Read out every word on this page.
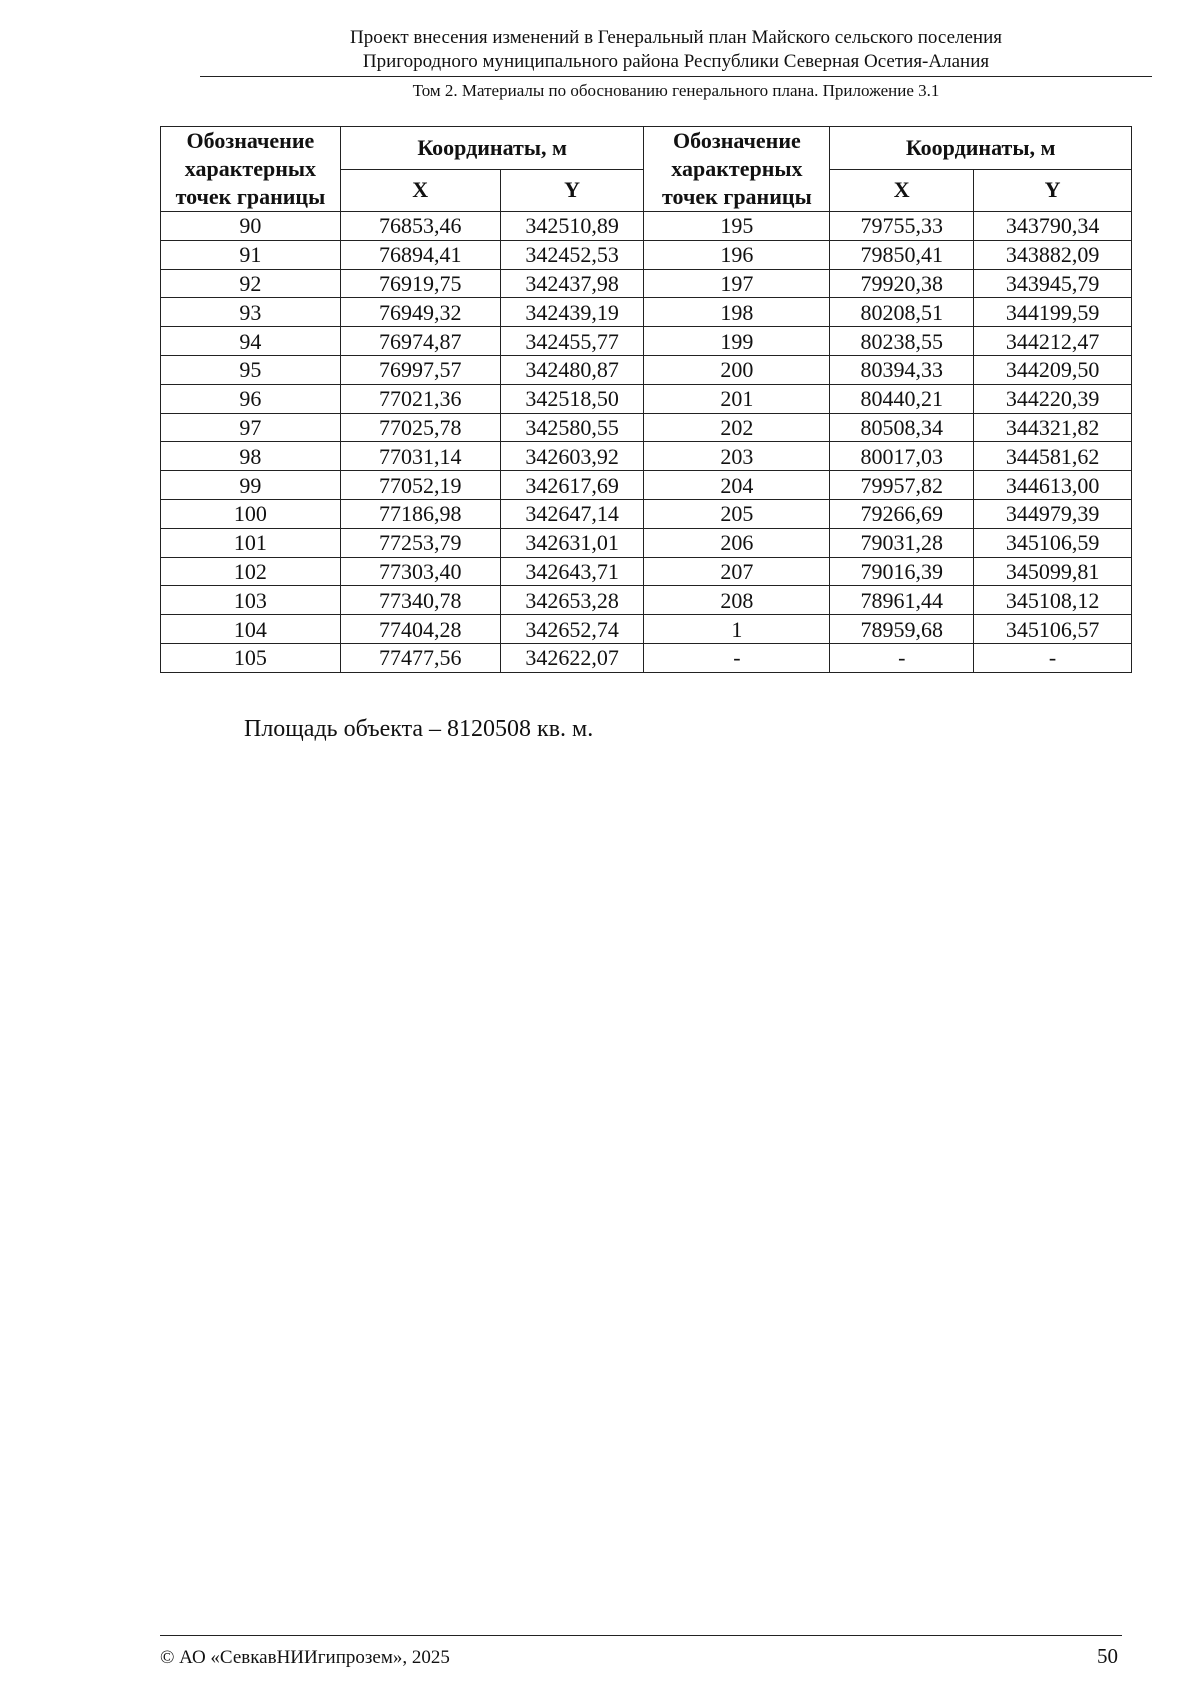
Проект внесения изменений в Генеральный план Майского сельского поселения
Пригородного муниципального района Республики Северная Осетия-Алания
Том 2. Материалы по обоснованию генерального плана. Приложение 3.1
Обозначение характерных точек границы	Координаты, м		Обозначение характерных точек границы	Координаты, м	
	X	Y		X	Y
90	76853,46	342510,89	195	79755,33	343790,34
91	76894,41	342452,53	196	79850,41	343882,09
92	76919,75	342437,98	197	79920,38	343945,79
93	76949,32	342439,19	198	80208,51	344199,59
94	76974,87	342455,77	199	80238,55	344212,47
95	76997,57	342480,87	200	80394,33	344209,50
96	77021,36	342518,50	201	80440,21	344220,39
97	77025,78	342580,55	202	80508,34	344321,82
98	77031,14	342603,92	203	80017,03	344581,62
99	77052,19	342617,69	204	79957,82	344613,00
100	77186,98	342647,14	205	79266,69	344979,39
101	77253,79	342631,01	206	79031,28	345106,59
102	77303,40	342643,71	207	79016,39	345099,81
103	77340,78	342653,28	208	78961,44	345108,12
104	77404,28	342652,74	1	78959,68	345106,57
105	77477,56	342622,07	-	-	-
Площадь объекта – 8120508 кв. м.
© АО «СевкавНИИгипрозем», 2025	50
